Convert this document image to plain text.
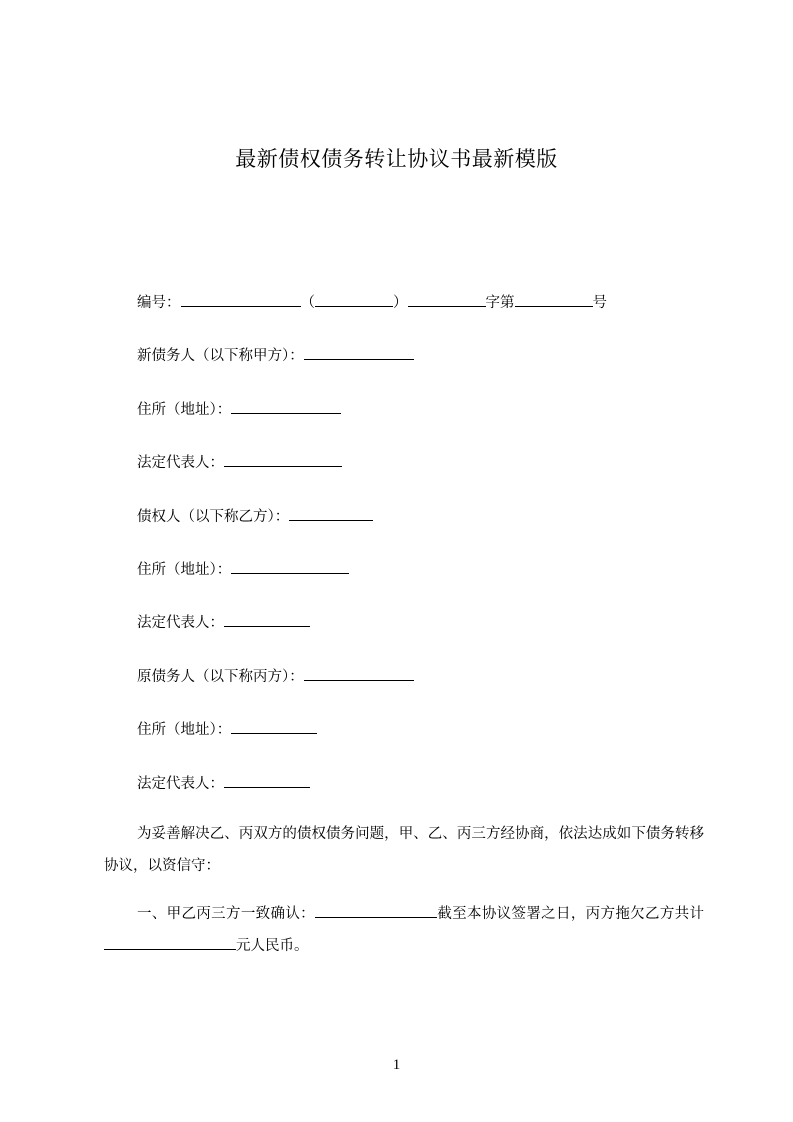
最新债权债务转让协议书最新模版
编号：	（	）	字第	号
新债务人（以下称甲方）：
住所（地址）：
法定代表人：
债权人（以下称乙方）：
住所（地址）：
法定代表人：
原债务人（以下称丙方）：
住所（地址）：
法定代表人：
为妥善解决乙、丙双方的债权债务问题，甲、乙、丙三方经协商，依法达成如下债务转移协议，以资信守：
一、甲乙丙三方一致确认：	截至本协议签署之日，丙方拖欠乙方共计元人民币。
1
